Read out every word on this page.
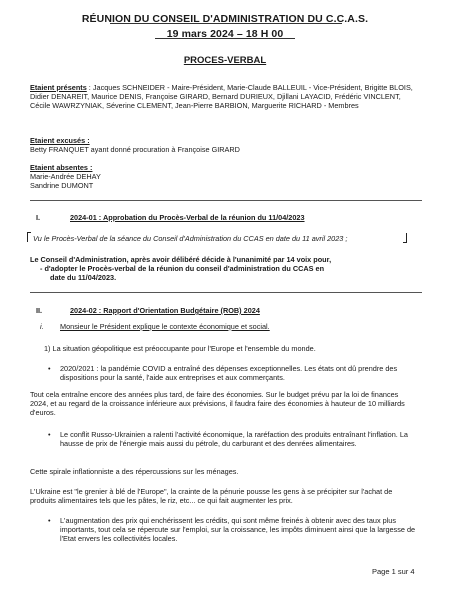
RÉUNION DU CONSEIL D'ADMINISTRATION DU C.C.A.S.
19 mars 2024 – 18 H 00
PROCES-VERBAL
Etaient présents : Jacques SCHNEIDER - Maire-Président, Marie-Claude BALLEUIL - Vice-Président, Brigitte BLOIS, Didier DENAREIT, Maurice DENIS, Françoise GIRARD, Bernard DURIEUX, Djillani LAYACID, Frédéric VINCLENT, Cécile WAWRZYNIAK, Séverine CLEMENT, Jean-Pierre BARBION, Marguerite RICHARD - Membres
Etaient excusés :
Betty FRANQUET ayant donné procuration à Françoise GIRARD
Etaient absentes :
Marie-Andrée DEHAY
Sandrine DUMONT
I.	2024-01 : Approbation du Procès-Verbal de la réunion du 11/04/2023
Vu le Procès-Verbal de la séance du Conseil d'Administration du CCAS en date du 11 avril 2023 ;
Le Conseil d'Administration, après avoir délibéré décide à l'unanimité par 14 voix pour,
- d'adopter le Procès-verbal de la réunion du conseil d'administration du CCAS en
date du 11/04/2023.
II.	2024-02 : Rapport d'Orientation Budgétaire (ROB) 2024
i. Monsieur le Président explique le contexte économique et social.
1) La situation géopolitique est préoccupante pour l'Europe et l'ensemble du monde.
• 2020/2021 : la pandémie COVID a entraîné des dépenses exceptionnelles. Les états ont dû prendre des dispositions pour la santé, l'aide aux entreprises et aux commerçants.
Tout cela entraîne encore des années plus tard, de faire des économies. Sur le budget prévu par la loi de finances 2024, et au regard de la croissance inférieure aux prévisions, il faudra faire des économies à hauteur de 10 milliards d'euros.
• Le conflit Russo-Ukrainien a ralenti l'activité économique, la raréfaction des produits entraînant l'inflation. La hausse de prix de l'énergie mais aussi du pétrole, du carburant et des denrées alimentaires.
Cette spirale inflationniste a des répercussions sur les ménages.
L'Ukraine est "le grenier à blé de l'Europe", la crainte de la pénurie pousse les gens à se précipiter sur l'achat de produits alimentaires tels que les pâtes, le riz, etc... ce qui fait augmenter les prix.
• L'augmentation des prix qui enchérissent les crédits, qui sont même freinés à obtenir avec des taux plus importants, tout cela se répercute sur l'emploi, sur la croissance, les impôts diminuent ainsi que la largesse de l'Etat envers les collectivités locales.
Page 1 sur 4
